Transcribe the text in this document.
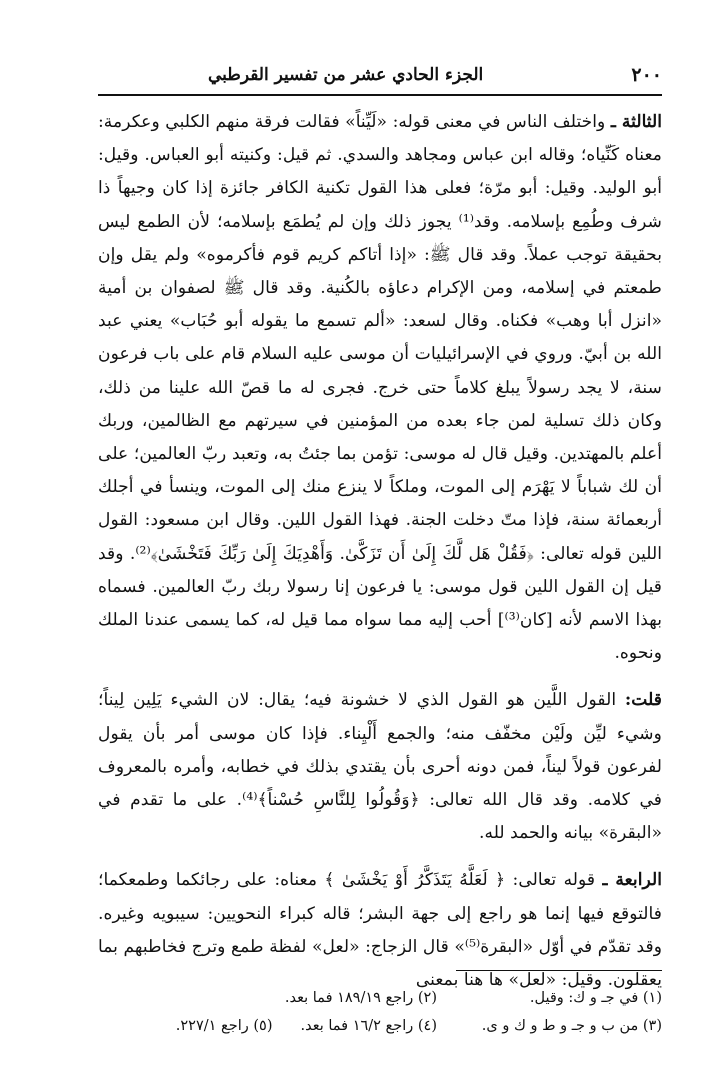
٢٠٠
الجزء الحادي عشر من تفسير القرطبي

الثالثة ـ واختلف الناس في معنى قوله: «لَيِّناً» فقالت فرقة منهم الكلبي وعكرمة: معناه كَنِّياه؛ وقاله ابن عباس ومجاهد والسدي. ثم قيل: وكنيته أبو العباس. وقيل: أبو الوليد. وقيل: أبو مرّة؛ فعلى هذا القول تكنية الكافر جائزة إذا كان وجيهاً ذا شرف وطُمِع بإسلامه. وقد⁽¹⁾ يجوز ذلك وإن لم يُطمَع بإسلامه؛ لأن الطمع ليس بحقيقة توجب عملاً. وقد قال ﷺ: «إذا أتاكم كريم قوم فأكرموه» ولم يقل وإن طمعتم في إسلامه، ومن الإكرام دعاؤه بالكُنية. وقد قال ﷺ لصفوان بن أمية «انزل أبا وهب» فكناه. وقال لسعد: «ألم تسمع ما يقوله أبو حُبَاب» يعني عبد الله بن أبيّ. وروي في الإسرائيليات أن موسى عليه السلام قام على باب فرعون سنة، لا يجد رسولاً يبلغ كلاماً حتى خرج. فجرى له ما قصّ الله علينا من ذلك، وكان ذلك تسلية لمن جاء بعده من المؤمنين في سيرتهم مع الظالمين، وربك أعلم بالمهتدين. وقيل قال له موسى: تؤمن بما جئتُ به، وتعبد ربّ العالمين؛ على أن لك شباباً لا يَهْرَم إلى الموت، وملكاً لا ينزع منك إلى الموت، وينسأ في أجلك أربعمائة سنة، فإذا متّ دخلت الجنة. فهذا القول اللين. وقال ابن مسعود: القول اللين قوله تعالى: ﴿فَقُلْ هَل لَّكَ إِلَىٰ أَن تَزَكَّىٰ. وَأَهْدِيَكَ إِلَىٰ رَبِّكَ فَتَخْشَىٰ﴾⁽²⁾. وقد قيل إن القول اللين قول موسى: يا فرعون إنا رسولا ربك ربّ العالمين. فسماه بهذا الاسم لأنه [كان⁽³⁾] أحب إليه مما سواه مما قيل له، كما يسمى عندنا الملك ونحوه.

قلت: القول اللَّين هو القول الذي لا خشونة فيه؛ يقال: لان الشيء يَلِين لِيناً؛ وشيء ليِّن ولَيْن مخفّف منه؛ والجمع أَلْيِناء. فإذا كان موسى أمر بأن يقول لفرعون قولاً ليناً، فمن دونه أحرى بأن يقتدي بذلك في خطابه، وأمره بالمعروف في كلامه. وقد قال الله تعالى: ﴿وَقُولُوا لِلنَّاسِ حُسْناً﴾⁽⁴⁾. على ما تقدم في «البقرة» بيانه والحمد لله.

الرابعة ـ قوله تعالى: ﴿ لَعَلَّهُ يَتَذَكَّرُ أَوْ يَخْشَىٰ ﴾ معناه: على رجائكما وطمعكما؛ فالتوقع فيها إنما هو راجع إلى جهة البشر؛ قاله كبراء النحويين: سيبويه وغيره. وقد تقدّم في أوّل «البقرة⁽⁵⁾» قال الزجاج: «لعل» لفظة طمع وترج فخاطبهم بما يعقلون. وقيل: «لعل» ها هنا بمعنى

(١) في جـ و ك: وقيل.
(٢) راجع ١٨٩/١٩ فما بعد.
(٣) من ب و جـ و ط و ك و ى.
(٤) راجع ١٦/٢ فما بعد.
(٥) راجع ٢٢٧/١.
